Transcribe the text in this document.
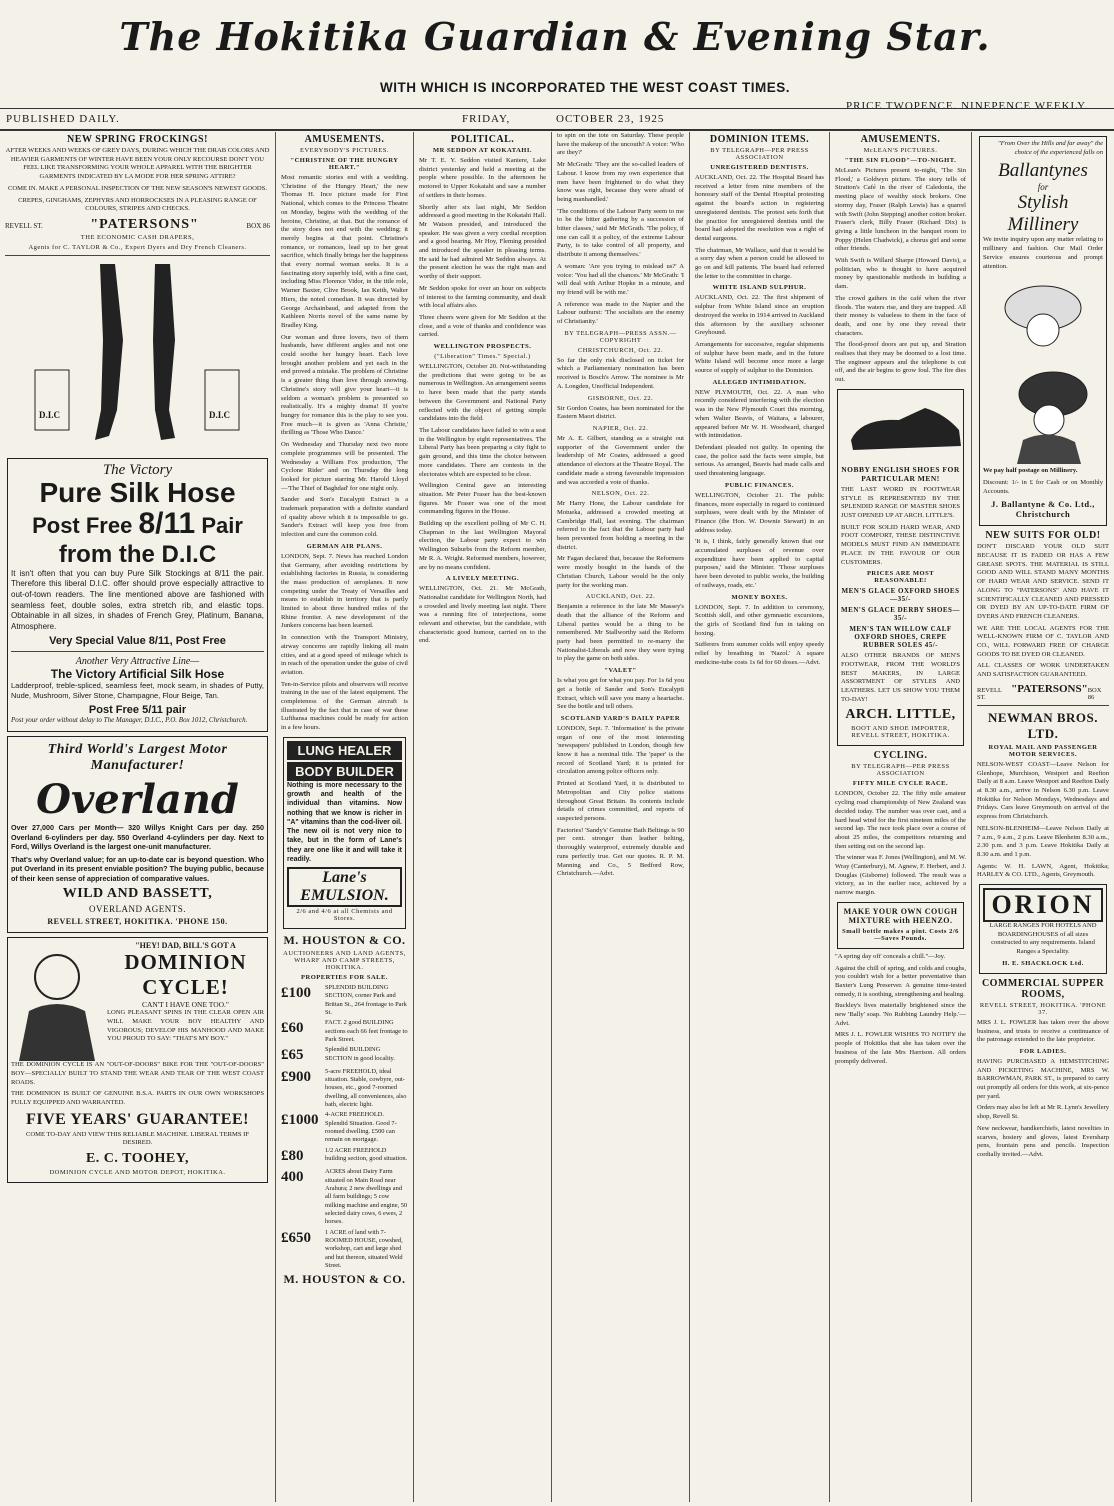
The Hokitika Guardian & Evening Star.
WITH WHICH IS INCORPORATED THE WEST COAST TIMES.
PRICE TWOPENCE. NINEPENCE WEEKLY.
PUBLISHED DAILY.	FRIDAY,	OCTOBER 23, 1925
NEW SPRING FROCKINGS!

AFTER WEEKS AND WEEKS OF GREY DAYS, DURING WHICH THE DRAB COLORS AND HEAVIER GARMENTS OF WINTER HAVE BEEN YOUR ONLY RECOURSE DON'T YOU FEEL LIKE TRANSFORMING YOUR WHOLE APPAREL WITH THE BRIGHTER GARMENTS INDICATED BY LA MODE FOR HER SPRING ATTIRE?

COME IN. MAKE A PERSONAL INSPECTION OF THE NEW SEASON'S NEWEST GOODS.

CREPES, GINGHAMS, ZEPHYRS AND HORROCKSES IN A PLEASING RANGE OF COLOURS, STRIPES AND CHECKS.

REVELL ST.	"PATERSONS"	BOX 86
THE ECONOMIC CASH DRAPERS,
Agents for C. TAYLOR & Co., Expert Dyers and Dry French Cleaners.
D.I.C	D.I.C
The Victory
Pure Silk Hose
Post Free 8/11 Pair
from the D.I.C

It isn't often that you can buy Pure Silk Stockings at 8/11 the pair. Therefore this liberal D.I.C. offer should prove especially attractive to out-of-town readers. The line mentioned above are fashioned with seamless feet, double soles, extra stretch rib, and elastic tops. Obtainable in all sizes, in shades of French Grey, Platinum, Banana, Atmosphere.

Very Special Value 8/11, Post Free
Another Very Attractive Line—
The Victory Artificial Silk Hose

Ladderproof, treble-spliced, seamless feet, mock seam, in shades of Putty, Nude, Mushroom, Silver Stone, Champagne, Flour Beige, Tan.

Post Free 5/11 pair

Post your order without delay to The Manager, D.I.C., P.O. Box 1012, Christchurch.

Third World's Largest Motor Manufacturer!
Overland

Over 27,000 Cars per Month— 320 Willys Knight Cars per day. 250 Overland 6-cylinders per day. 550 Overland 4-cylinders per day. Next to Ford, Willys Overland is the largest one-unit manufacturer.

That's why Overland value; for an up-to-date car is beyond question. Who put Overland in its present enviable position? The buying public, because of their keen sense of appreciation of comparative values.

WILD AND BASSETT,
OVERLAND AGENTS.
REVELL STREET, HOKITIKA. 'PHONE 150.
"HEY! DAD, BILL'S GOT A
DOMINION
CYCLE!
CAN'T I HAVE ONE TOO."

LONG PLEASANT SPINS IN THE CLEAR OPEN AIR WILL MAKE YOUR BOY HEALTHY AND VIGOROUS; DEVELOP HIS MANHOOD AND MAKE YOU PROUD TO SAY: "THAT'S MY BOY."

THE DOMINION CYCLE IS AN "OUT-OF-DOORS" BIKE FOR THE "OUT-OF-DOORS" BOY—SPECIALLY BUILT TO STAND THE WEAR AND TEAR OF THE WEST COAST ROADS.

THE DOMINION IS BUILT OF GENUINE B.S.A. PARTS IN OUR OWN WORKSHOPS FULLY EQUIPPED AND WARRANTED.

FIVE YEARS' GUARANTEE!

COME TO-DAY AND VIEW THIS RELIABLE MACHINE. LIBERAL TERMS IF DESIRED.

E. C. TOOHEY,
DOMINION CYCLE AND MOTOR DEPOT, HOKITIKA.
AMUSEMENTS.
EVERYBODY'S PICTURES.
"CHRISTINE OF THE HUNGRY HEART."

Most romantic stories end with a wedding. 'Christine of the Hungry Heart,' the new Thomas H. Ince picture made for First National, which comes to the Princess Theatre on Monday, begins with the wedding of the heroine, Christine, at that. But the romance of the story does not end with the wedding; it merely begins at that point. Christine's romance, or romances, lead up to her great sacrifice, which finally brings her the happiness that every normal woman seeks. It is a fascinating story superbly told, with a fine cast, including Miss Florence Vidor, in the title role, Warner Baxter, Clive Brook, Ian Keith, Walter Hiers, the noted comedian. It was directed by George Archainbaud, and adapted from the Kathleen Norris novel of the same name by Bradley King.

Our woman and three lovers, two of them husbands, have different angles and not one could soothe her hungry heart. Each love brought another problem and yet each in the end proved a mistake. The problem of Christine is a greater thing than love through snowing. Christine's story will give your heart—it is seldom a woman's problem is presented so realistically. It's a mighty drama! If you're hungry for romance this is the play to see you. Free much—it is given as 'Anna Christie,' thrilling as 'Those Who Dance.'

On Wednesday and Thursday next two more complete programmes will be presented. The Wednesday a William Fox production, 'The Cyclone Rider' and on Thursday the long looked for picture starring Mr. Harold Lloyd—'The Thief of Baghdad' for one night only.

Sander and Son's Eucalypti Extract is a trademark preparation with a definite standard of quality above which it is impossible to go. Sander's Extract will keep you free from infection and cure the common cold.

GERMAN AIR PLANS.

LONDON, Sept. 7. News has reached London that Germany, after avoiding restrictions by establishing factories in Russia, is considering the mass production of aeroplanes. It now competing under the Treaty of Versailles and means to establish in territory that is partly limited to about three hundred miles of the Rhine frontier. A new development of the Junkers concerns has been learned.

In connection with the Transport Ministry, airway concerns are rapidly linking all main cities, and at a good speed of mileage which is in reach of the operation under the guise of civil aviation.

Ten-in-Service pilots and observers will receive training in the use of the latest equipment. The completeness of the German aircraft is illustrated by the fact that in case of war these Lufthansa machines could be ready for action in a few hours.

LUNG HEALER
BODY BUILDER

Nothing is more necessary to the growth and health of the individual than vitamins. Now nothing that we know is richer in "A" vitamins than the cod-liver oil. The new oil is not very nice to take, but in the form of Lane's they are one like it and will take it readily.

Lane's EMULSION.
2/6 and 4/6 at all Chemists and Stores.
M. HOUSTON & CO.
AUCTIONEERS AND LAND AGENTS, WHARF AND CAMP STREETS, HOKITIKA.
PROPERTIES FOR SALE.
£100	SPLENDID BUILDING SECTION, corner Park and Brittan St., 264 frontage to Park St.
£60	FACT. 2 good BUILDING sections each 66 feet frontage to Park Street.
£65	Splendid BUILDING SECTION in good locality.
£900	5-acre FREEHOLD, ideal situation. Stable, cowbyre, out-houses, etc., good 7-roomed dwelling, all conveniences, also bath, electric light.
£1000	4-ACRE FREEHOLD. Splendid Situation. Good 7-roomed dwelling. £500 can remain on mortgage.
£80	1/2 ACRE FREEHOLD building section, good situation.
400	ACRES about Dairy Farm situated on Main Road near Arahura; 2 new dwellings and all farm buildings; 5 cow milking machine and engine, 50 selected dairy cows, 6 ewes, 2 horses.
£650	1 ACRE of land with 7-ROOMED HOUSE, cowshed, workshop, cart and large shed and hut thereon, situated Weld Street.
M. HOUSTON & CO.
POLITICAL.
MR SEDDON AT KOKATAHI.

Mr T. E. Y. Seddon visited Kaniere, Lake district yesterday and held a meeting at the people where possible. In the afternoon he motored to Upper Kokatahi and saw a number of settlers in their homes.

Shortly after six last night, Mr Seddon addressed a good meeting in the Kokatahi Hall. Mr Watson presided, and introduced the speaker. He was given a very cordial reception and a good hearing. Mr Hoy, Fleming presided and introduced the speaker in pleasing terms. He said he had admired Mr Seddon always. At the present election he was the right man and worthy of their support.

Mr Seddon spoke for over an hour on subjects of interest to the farming community, and dealt with local affairs also.

Three cheers were given for Mr Seddon at the close, and a vote of thanks and confidence was carried.

WELLINGTON PROSPECTS.
("Liberation" Times." Special.)

WELLINGTON, October 20. Not-withstanding the predictions that were going to be as numerous in Wellington. An arrangement seems to have been made that the party stands between the Government and National Party reflected with the object of getting simple candidates into the field.

The Labour candidates have failed to win a seat in the Wellington by eight representatives. The Liberal Party has been preparing a city fight to gain ground, and this time the choice between more candidates. There are contests in the electorates which are expected to be close.

Wellington Central gave an interesting situation. Mr Peter Fraser has the best-known figures. Mr Fraser was one of the most commanding figures in the House.

Building up the excellent polling of Mr C. H. Chapman in the last Wellington Mayoral election, the Labour party expect to win Wellington Suburbs from the Reform member, Mr R. A. Wright. Reformed members, however, are by no means confident.

A LIVELY MEETING.

WELLINGTON, Oct. 21. Mr McGrath, Nationalist candidate for Wellington North, had a crowded and lively meeting last night. There was a running fire of interjections, some relevant and otherwise, but the candidate, with characteristic good humour, carried on to the end.

to spin on the tote on Saturday. These people have the makeup of the uncouth? A voice: 'Who are they?'

Mr McGrath: 'They are the so-called leaders of Labour. I know from my own experience that men have been frightened to do what they know was right, because they were afraid of being manhandled.'

'The conditions of the Labour Party seem to me to be the bitter gathering by a succession of bitter classes,' said Mr McGrath. 'The policy, if one can call it a policy, of the extreme Labour Party, is to take control of all property, and distribute it among themselves.'

A woman: 'Are you trying to mislead us?' A voice: 'You had all the chances.' Mr McGrath: 'I will deal with Arthur Hopke in a minute, and my friend will be with me.'

A reference was made to the Napier and the Labour outburst: 'The socialists are the enemy of Christianity.'

BY TELEGRAPH—PRESS ASSN.—COPYRIGHT
CHRISTCHURCH, Oct. 22.

So far the only risk disclosed on ticket for which a Parliamentary nomination has been received is Bosch's Arrow. The nominee is Mr A. Longden, Unofficial Independent.

GISBORNE, Oct. 22.

Sir Gordon Coates, has been nominated for the Eastern Maori district.

NAPIER, Oct. 22.

Mr A. E. Gilbert, standing as a straight out supporter of the Government under the leadership of Mr Coates, addressed a good attendance of electors at the Theatre Royal. The candidate made a strong favourable impression and was accorded a vote of thanks.

NELSON, Oct. 22.

Mr Harry Hone, the Labour candidate for Motueka, addressed a crowded meeting at Cambridge Hall, last evening. The chairman referred to the fact that the Labour party had been prevented from holding a meeting in the district.

Mr Fagan declared that, because the Reformers were mostly bought in the hands of the Christian Church, Labour would be the only party for the working man.

AUCKLAND, Oct. 22.

Benjamin a reference to the late Mr Massey's death that the alliance of the Reform and Liberal parties would be a thing to be remembered. Mr Stallworthy said the Reform party had been permitted to re-marry the Nationalist-Liberals and now they were trying to play the game on both sides.

"VALET"

Is what you get for what you pay. For 1s 6d you get a bottle of Sander and Son's Eucalypti Extract, which will save you many a heartache. See the bottle and tell others.

SCOTLAND YARD'S DAILY PAPER

LONDON, Sept. 7. 'Information' is the private organ of one of the most interesting 'newspapers' published in London, though few know it has a nominal title. The 'paper' is the record of Scotland Yard; it is printed for circulation among police officers only.

Printed at Scotland Yard, it is distributed to Metropolitan and City police stations throughout Great Britain. Its contents include details of crimes committed, and reports of suspected persons.

Factories! 'Sandy's' Genuine Bath Beltings is 90 per cent. stronger than leather belting, thoroughly waterproof, extremely durable and runs perfectly true. Get our quotes. R. P. M. Manning and Co., 5 Bedford Row, Christchurch.—Advt.

DOMINION ITEMS.
BY TELEGRAPH—PER PRESS ASSOCIATION
UNREGISTERED DENTISTS.

AUCKLAND, Oct. 22. The Hospital Board has received a letter from nine members of the honorary staff of the Dental Hospital protesting against the board's action in registering unregistered dentists. The protest sets forth that the practice for unregistered dentists until the board had adopted the resolution was a right of dental surgeons.

The chairman, Mr Wallace, said that it would be a sorry day when a person could be allowed to go on and kill patients. The board had referred the letter to the committee in charge.

WHITE ISLAND SULPHUR.

AUCKLAND, Oct. 22. The first shipment of sulphur from White Island since an eruption destroyed the works in 1914 arrived in Auckland this afternoon by the auxiliary schooner Greyhound.

Arrangements for successive, regular shipments of sulphur have been made, and in the future White Island will become once more a large source of supply of sulphur to the Dominion.

ALLEGED INTIMIDATION.

NEW PLYMOUTH, Oct. 22. A man who recently considered interfering with the election was in the New Plymouth Court this morning, when Walter Beavis, of Waitara, a labourer, appeared before Mr W. H. Woodward, charged with intimidation.

Defendant pleaded not guilty. In opening the case, the police said the facts were simple, but serious. As arranged, Beavis had made calls and used threatening language.

PUBLIC FINANCES.

WELLINGTON, October 21. The public finances, more especially in regard to continued surpluses, were dealt with by the Minister of Finance (the Hon. W. Downie Stewart) in an address today.

'It is, I think, fairly generally known that our accumulated surpluses of revenue over expenditure have been applied to capital purposes,' said the Minister. 'Those surpluses have been devoted to public works, the building of railways, roads, etc.'

MONEY BOXES.

LONDON, Sept. 7. In addition to ceremony, Scottish skill, and other gymnastic excursions, the girls of Scotland find fun in taking on boxing.

Sufferers from summer colds will enjoy speedy relief by breathing in 'Nazol.' A square medicine-tube costs 1s 6d for 60 doses.—Advt.

AMUSEMENTS.
McLEAN'S PICTURES.
"THE SIN FLOOD"—TO-NIGHT.

McLean's Pictures present to-night, 'The Sin Flood,' a Goldwyn picture. The story tells of Stratton's Café in the river of Caledonia, the meeting place of wealthy stock brokers. One stormy day, Fraser (Ralph Lewis) has a quarrel with Swift (John Stepping) another cotton broker. Fraser's clerk, Billy Fraser (Richard Dix) is giving a little luncheon in the banquet room to Poppy (Helen Chadwick), a chorus girl and some other friends.

With Swift is Willard Sharpe (Howard Davis), a politician, who is thought to have acquired money by questionable methods in building a dam.

The crowd gathers in the café when the river floods. The waters rise, and they are trapped. All their money is valueless to them in the face of death, and one by one they reveal their characters.

The flood-proof doors are put up, and Stratton realises that they may be doomed to a lost time. The engineer appears and the telephone is cut off, and the air begins to grow foul. The fire dies out.

NOBBY ENGLISH SHOES FOR PARTICULAR MEN!

THE LAST WORD IN FOOTWEAR STYLE IS REPRESENTED BY THE SPLENDID RANGE OF MASTER SHOES JUST OPENED UP AT ARCH. LITTLE'S.

BUILT FOR SOLID HARD WEAR, AND FOOT COMFORT, THESE DISTINCTIVE MODELS MUST FIND AN IMMEDIATE PLACE IN THE FAVOUR OF OUR CUSTOMERS.

PRICES ARE MOST REASONABLE!
MEN'S GLACE OXFORD SHOES—35/-
MEN'S GLACE DERBY SHOES—35/-
MEN'S TAN WILLOW CALF OXFORD SHOES, CREPE RUBBER SOLES 45/-

ALSO OTHER BRANDS OF MEN'S FOOTWEAR, FROM THE WORLD'S BEST MAKERS, IN LARGE ASSORTMENT OF STYLES AND LEATHERS. LET US SHOW YOU THEM TO-DAY!

ARCH. LITTLE,
BOOT AND SHOE IMPORTER, REVELL STREET, HOKITIKA.
CYCLING.
BY TELEGRAPH—PER PRESS ASSOCIATION
FIFTY MILE CYCLE RACE.

LONDON, October 22. The fifty mile amateur cycling road championship of New Zealand was decided today. The number was over cast, and a hard head wind for the first nineteen miles of the second lap. The race took place over a course of about 25 miles, the competitors returning and then setting out on the second lap.

The winner was F. Jones (Wellington), and M. W. Wray (Canterbury), M. Agnew, F. Herbert, and J. Douglas (Gisborne) followed. The result was a victory, as in the earlier race, achieved by a narrow margin.

MAKE YOUR OWN COUGH MIXTURE with HEENZO.
Small bottle makes a pint. Costs 2/6—Saves Pounds.

"A spring day oft' conceals a chill."—Joy.

Against the chill of spring, and colds and coughs, you couldn't wish for a better preventative than Baxter's Lung Preserver. A genuine time-tested remedy, it is soothing, strengthening and healing.

Buckley's lives materially brightened since the new 'Bally' soap. 'No Rubbing Laundry Help.'—Advt.

MRS J. L. FOWLER WISHES TO NOTIFY the people of Hokitika that she has taken over the business of the late Mrs Harrison. All orders promptly delivered.

"From Over the Hills and far away" the choice of the experienced falls on

Ballantynes
for
Stylish Millinery

We invite inquiry upon any matter relating to millinery and fashion. Our Mail Order Service ensures courteous and prompt attention.

We pay half postage on Millinery.

Discount: 1/- in £ for Cash or on Monthly Accounts.

J. Ballantyne & Co. Ltd., Christchurch
NEW SUITS FOR OLD!

DON'T DISCARD YOUR OLD SUIT BECAUSE IT IS FADED OR HAS A FEW GREASE SPOTS. THE MATERIAL IS STILL GOOD AND WILL STAND MANY MONTHS OF HARD WEAR AND SERVICE. SEND IT ALONG TO "PATERSONS" AND HAVE IT SCIENTIFICALLY CLEANED AND PRESSED OR DYED BY AN UP-TO-DATE FIRM OF DYERS AND FRENCH CLEANERS.

WE ARE THE LOCAL AGENTS FOR THE WELL-KNOWN FIRM OF C. TAYLOR AND CO., WILL FORWARD FREE OF CHARGE GOODS TO BE DYED OR CLEANED.

ALL CLASSES OF WORK UNDERTAKEN AND SATISFACTION GUARANTEED.

REVELL ST.
"PATERSONS" BOX 86
NEWMAN BROS. LTD.
ROYAL MAIL AND PASSENGER MOTOR SERVICES.

NELSON-WEST COAST—Leave Nelson for Glenhope, Murchison, Westport and Reefton Daily at 8 a.m. Leave Westport and Reefton Daily at 8.30 a.m., arrive in Nelson 6.30 p.m. Leave Hokitika for Nelson Mondays, Wednesdays and Fridays. Cars leave Greymouth on arrival of the express from Christchurch.

NELSON-BLENHEIM—Leave Nelson Daily at 7 a.m., 9 a.m., 2 p.m. Leave Blenheim 8.30 a.m., 2.30 p.m. and 3 p.m. Leave Hokitika Daily at 8.30 a.m. and 1 p.m.

Agents: W. H. LAWN, Agent, Hokitika; HARLEY & CO. LTD., Agents, Greymouth.

ORION

LARGE RANGES FOR HOTELS AND BOARDINGHOUSES of all sizes constructed to any requirements. Island Ranges a Speciality.

H. E. SHACKLOCK Ltd.
COMMERCIAL SUPPER ROOMS,
REVELL STREET, HOKITIKA. 'PHONE 37.

MRS J. L. FOWLER has taken over the above business, and trusts to receive a continuance of the patronage extended to the late proprietor.

FOR LADIES.

HAVING PURCHASED A HEMSTITCHING AND PICKETING MACHINE, MRS W. BARROWMAN, PARK ST., is prepared to carry out promptly all orders for this work, at six-pence per yard.

Orders may also be left at Mr R. Lynn's Jewellery shop, Revell St.

New neckwear, handkerchiefs, latest novelties in scarves, hosiery and gloves, latest Eversharp pens, fountain pens and pencils. Inspection cordially invited.—Advt.
